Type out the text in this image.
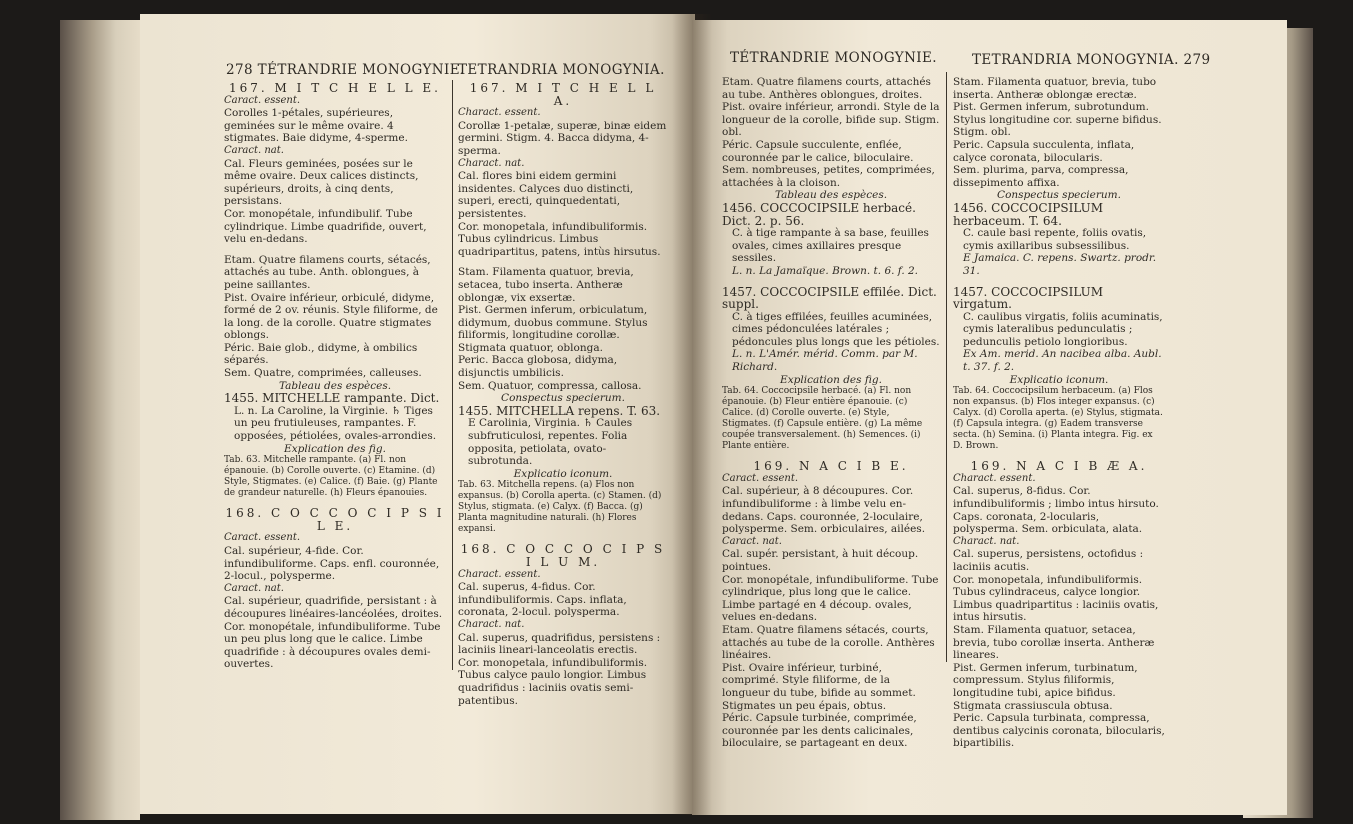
278 TÉTRANDRIE MONOGYNIE.
TETRANDRIA MONOGYNIA.

167. M I T C H E L L E.

Caract. essent.

Corolles 1-pétales, supérieures, geminées sur le même ovaire. 4 stigmates. Baie didyme, 4-sperme.

Caract. nat.

Cal. Fleurs geminées, posées sur le même ovaire. Deux calices distincts, supérieurs, droits, à cinq dents, persistans.

Cor. monopétale, infundibulif. Tube cylindrique. Limbe quadrifide, ouvert, velu en-dedans.

Etam. Quatre filamens courts, sétacés, attachés au tube. Anth. oblongues, à peine saillantes.

Pist. Ovaire inférieur, orbiculé, didyme, formé de 2 ov. réunis. Style filiforme, de la long. de la corolle. Quatre stigmates oblongs.

Péric. Baie glob., didyme, à ombilics séparés.

Sem. Quatre, comprimées, calleuses.

Tableau des espèces.

1455. MITCHELLE rampante. Dict.

L. n. La Caroline, la Virginie. ♄ Tiges un peu frutiuleuses, rampantes. F. opposées, pétiolées, ovales-arrondies.

Explication des fig.

Tab. 63. Mitchelle rampante. (a) Fl. non épanouie. (b) Corolle ouverte. (c) Etamine. (d) Style, Stigmates. (e) Calice. (f) Baie. (g) Plante de grandeur naturelle. (h) Fleurs épanouies.

168. C O C C O C I P S I L E.

Caract. essent.

Cal. supérieur, 4-fide. Cor. infundibuliforme. Caps. enfl. couronnée, 2-locul., polysperme.

Caract. nat.

Cal. supérieur, quadrifide, persistant : à découpures linéaires-lancéolées, droites.

Cor. monopétale, infundibuliforme. Tube un peu plus long que le calice. Limbe quadrifide : à découpures ovales demi-ouvertes.

167. M I T C H E L L A.

Charact. essent.

Corollæ 1-petalæ, superæ, binæ eidem germini. Stigm. 4. Bacca didyma, 4-sperma.

Charact. nat.

Cal. flores bini eidem germini insidentes. Calyces duo distincti, superi, erecti, quinquedentati, persistentes.

Cor. monopetala, infundibuliformis. Tubus cylindricus. Limbus quadripartitus, patens, intùs hirsutus.

Stam. Filamenta quatuor, brevia, setacea, tubo inserta. Antheræ oblongæ, vix exsertæ.

Pist. Germen inferum, orbiculatum, didymum, duobus commune. Stylus filiformis, longitudine corollæ. Stigmata quatuor, oblonga.

Peric. Bacca globosa, didyma, disjunctis umbilicis.

Sem. Quatuor, compressa, callosa.

Conspectus specierum.

1455. MITCHELLA repens. T. 63.

E Carolinia, Virginia. ♄ Caules subfruticulosi, repentes. Folia opposita, petiolata, ovato-subrotunda.

Explicatio iconum.

Tab. 63. Mitchella repens. (a) Flos non expansus. (b) Corolla aperta. (c) Stamen. (d) Stylus, stigmata. (e) Calyx. (f) Bacca. (g) Planta magnitudine naturali. (h) Flores expansi.

168. C O C C O C I P S I L U M.

Charact. essent.

Cal. superus, 4-fidus. Cor. infundibuliformis. Caps. inflata, coronata, 2-locul. polysperma.

Charact. nat.

Cal. superus, quadrifidus, persistens : laciniis lineari-lanceolatis erectis.

Cor. monopetala, infundibuliformis. Tubus calyce paulo longior. Limbus quadrifidus : laciniis ovatis semi-patentibus.

TÉTRANDRIE MONOGYNIE.	TETRANDRIA MONOGYNIA. 279

Etam. Quatre filamens courts, attachés au tube. Anthères oblongues, droites.

Pist. ovaire inférieur, arrondi. Style de la longueur de la corolle, bifide sup. Stigm. obl.

Péric. Capsule succulente, enflée, couronnée par le calice, biloculaire.

Sem. nombreuses, petites, comprimées, attachées à la cloison.

Tableau des espèces.

1456. COCCOCIPSILE herbacé. Dict. 2. p. 56.

C. à tige rampante à sa base, feuilles ovales, cimes axillaires presque sessiles.

L. n. La Jamaïque. Brown. t. 6. f. 2.

1457. COCCOCIPSILE effilée. Dict. suppl.

C. à tiges effilées, feuilles acuminées, cimes pédonculées latérales ; pédoncules plus longs que les pétioles.

L. n. L'Amér. mérid. Comm. par M. Richard.

Explication des fig.

Tab. 64. Coccocipsile herbacé. (a) Fl. non épanouie. (b) Fleur entière épanouie. (c) Calice. (d) Corolle ouverte. (e) Style, Stigmates. (f) Capsule entière. (g) La même coupée transversalement. (h) Semences. (i) Plante entière.

169. N A C I B E.

Caract. essent.

Cal. supérieur, à 8 découpures. Cor. infundibuliforme : à limbe velu en-dedans. Caps. couronnée, 2-loculaire, polysperme. Sem. orbiculaires, ailées.

Caract. nat.

Cal. supér. persistant, à huit découp. pointues.

Cor. monopétale, infundibuliforme. Tube cylindrique, plus long que le calice. Limbe partagé en 4 découp. ovales, velues en-dedans.

Etam. Quatre filamens sétacés, courts, attachés au tube de la corolle. Anthères linéaires.

Pist. Ovaire inférieur, turbiné, comprimé. Style filiforme, de la longueur du tube, bifide au sommet. Stigmates un peu épais, obtus.

Péric. Capsule turbinée, comprimée, couronnée par les dents calicinales, biloculaire, se partageant en deux.

Stam. Filamenta quatuor, brevia, tubo inserta. Antheræ oblongæ erectæ.

Pist. Germen inferum, subrotundum. Stylus longitudine cor. superne bifidus. Stigm. obl.

Peric. Capsula succulenta, inflata, calyce coronata, bilocularis.

Sem. plurima, parva, compressa, dissepimento affixa.

Conspectus specierum.

1456. COCCOCIPSILUM herbaceum. T. 64.

C. caule basi repente, foliis ovatis, cymis axillaribus subsessilibus.

E Jamaica. C. repens. Swartz. prodr. 31.

1457. COCCOCIPSILUM virgatum.

C. caulibus virgatis, foliis acuminatis, cymis lateralibus pedunculatis ; pedunculis petiolo longioribus.

Ex Am. merid. An nacibea alba. Aubl. t. 37. f. 2.

Explicatio iconum.

Tab. 64. Coccocipsilum herbaceum. (a) Flos non expansus. (b) Flos integer expansus. (c) Calyx. (d) Corolla aperta. (e) Stylus, stigmata. (f) Capsula integra. (g) Eadem transverse secta. (h) Semina. (i) Planta integra. Fig. ex D. Brown.

169. N A C I B Æ A.

Charact. essent.

Cal. superus, 8-fidus. Cor. infundibuliformis ; limbo intus hirsuto. Caps. coronata, 2-locularis, polysperma. Sem. orbiculata, alata.

Charact. nat.

Cal. superus, persistens, octofidus : laciniis acutis.

Cor. monopetala, infundibuliformis. Tubus cylindraceus, calyce longior. Limbus quadripartitus : laciniis ovatis, intus hirsutis.

Stam. Filamenta quatuor, setacea, brevia, tubo corollæ inserta. Antheræ lineares.

Pist. Germen inferum, turbinatum, compressum. Stylus filiformis, longitudine tubi, apice bifidus. Stigmata crassiuscula obtusa.

Peric. Capsula turbinata, compressa, dentibus calycinis coronata, bilocularis, bipartibilis.
